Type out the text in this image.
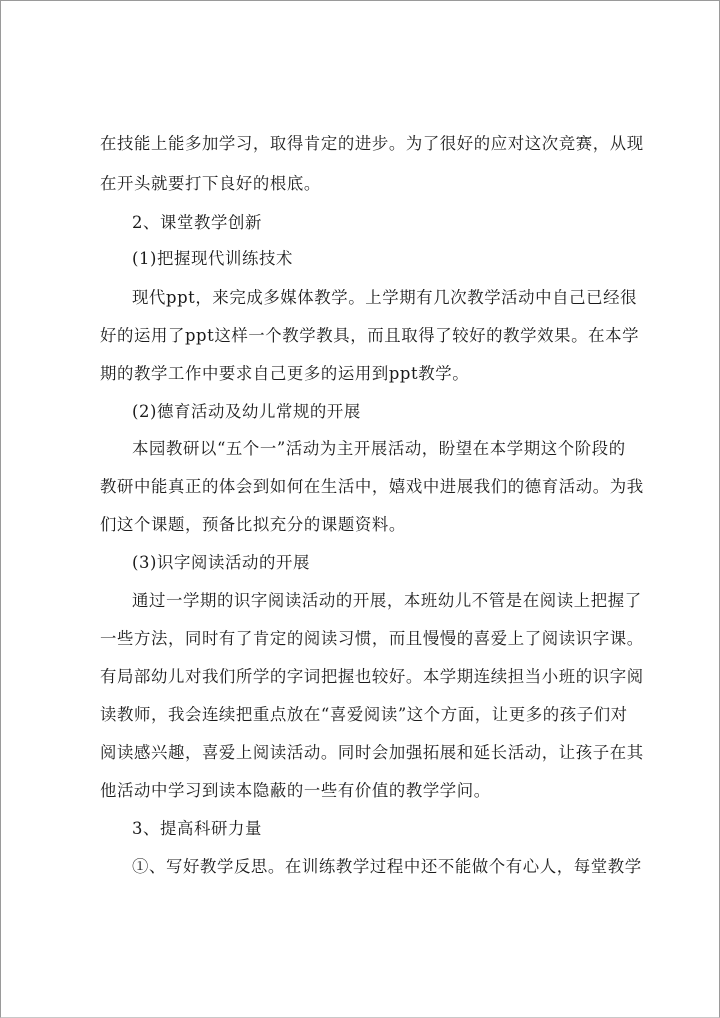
在技能上能多加学习，取得肯定的进步。为了很好的应对这次竞赛，从现
在开头就要打下良好的根底。
2、课堂教学创新
(1)把握现代训练技术
现代ppt，来完成多媒体教学。上学期有几次教学活动中自己已经很
好的运用了ppt这样一个教学教具，而且取得了较好的教学效果。在本学
期的教学工作中要求自己更多的运用到ppt教学。
(2)德育活动及幼儿常规的开展
本园教研以“五个一”活动为主开展活动，盼望在本学期这个阶段的
教研中能真正的体会到如何在生活中，嬉戏中进展我们的德育活动。为我
们这个课题，预备比拟充分的课题资料。
(3)识字阅读活动的开展
通过一学期的识字阅读活动的开展，本班幼儿不管是在阅读上把握了
一些方法，同时有了肯定的阅读习惯，而且慢慢的喜爱上了阅读识字课。
有局部幼儿对我们所学的字词把握也较好。本学期连续担当小班的识字阅
读教师，我会连续把重点放在“喜爱阅读”这个方面，让更多的孩子们对
阅读感兴趣，喜爱上阅读活动。同时会加强拓展和延长活动，让孩子在其
他活动中学习到读本隐蔽的一些有价值的教学学问。
3、提高科研力量
①、写好教学反思。在训练教学过程中还不能做个有心人，每堂教学
